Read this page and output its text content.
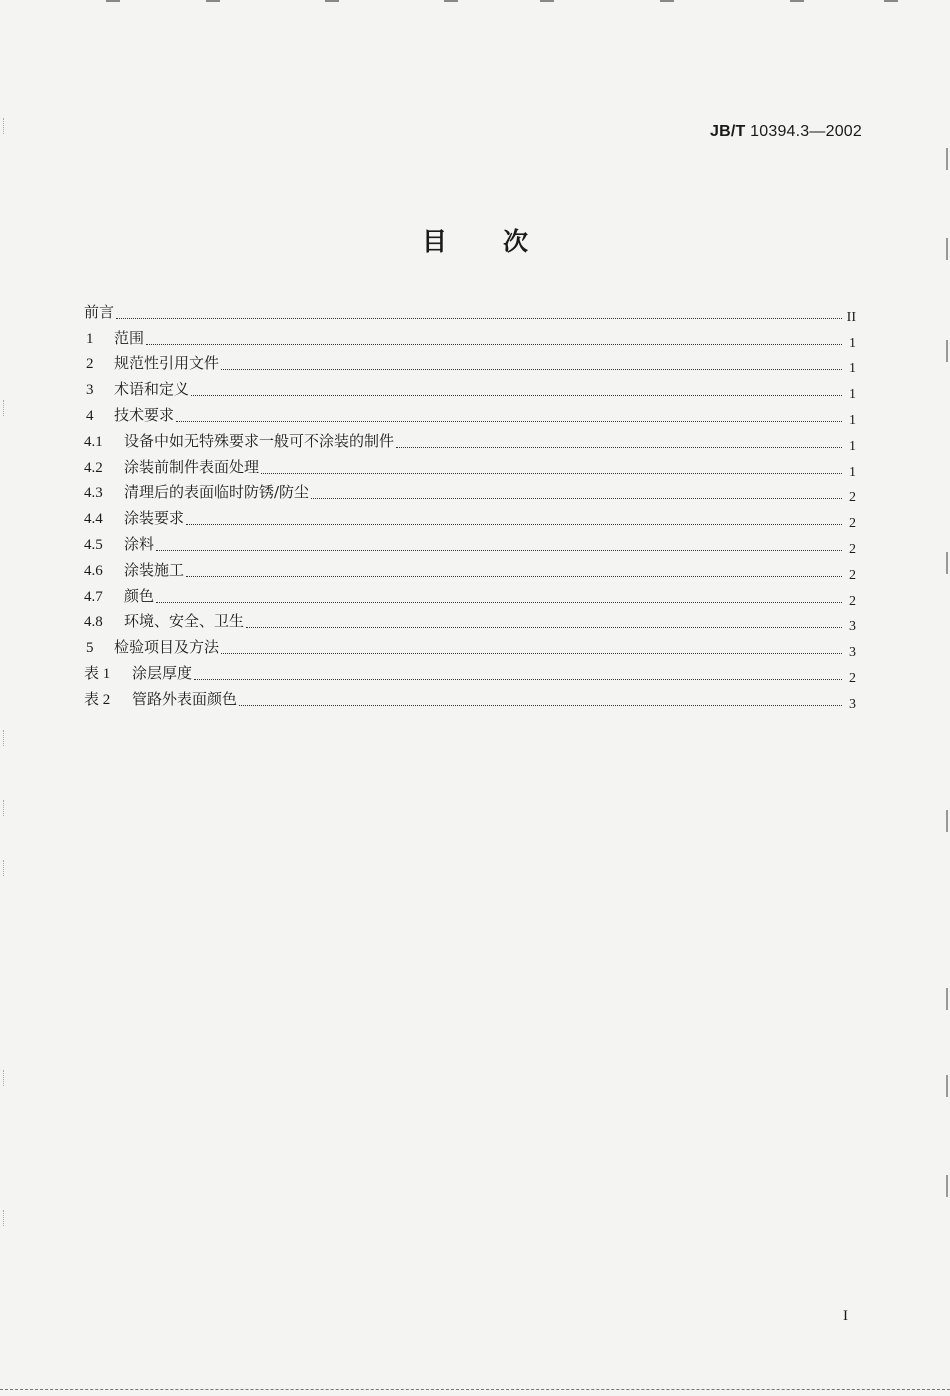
JB/T 10394.3—2002
目次
前言	II
1	范围	1
2	规范性引用文件	1
3	术语和定义	1
4	技术要求	1
4.1	设备中如无特殊要求一般可不涂装的制件	1
4.2	涂装前制件表面处理	1
4.3	清理后的表面临时防锈/防尘	2
4.4	涂装要求	2
4.5	涂料	2
4.6	涂装施工	2
4.7	颜色	2
4.8	环境、安全、卫生	3
5	检验项目及方法	3
表 1	涂层厚度	2
表 2	管路外表面颜色	3
I
